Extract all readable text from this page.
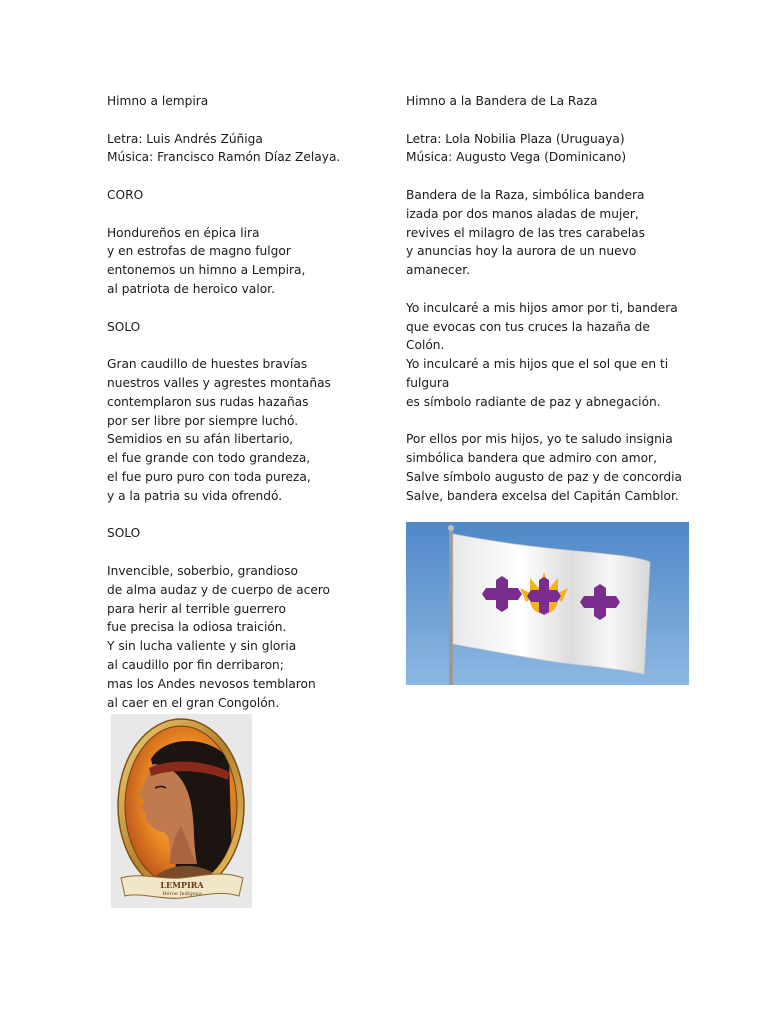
Himno a lempira
Letra: Luis Andrés Zúñiga
Música: Francisco Ramón Díaz Zelaya.
CORO
Hondureños en épica lira
y en estrofas de magno fulgor
entonemos un himno a Lempira,
al patriota de heroico valor.
SOLO
Gran caudillo de huestes bravías
nuestros valles y agrestes montañas
contemplaron sus rudas hazañas
por ser libre por siempre luchó.
Semidios en su afán libertario,
el fue grande con todo grandeza,
el fue puro puro con toda pureza,
y a la patria su vida ofrendó.
SOLO
Invencible, soberbio, grandioso
de alma audaz y de cuerpo de acero
para herir al terrible guerrero
fue precisa la odiosa traición.
Y sin lucha valiente y sin gloria
al caudillo por fin derribaron;
mas los Andes nevosos temblaron
al caer en el gran Congolón.
Himno a la Bandera de La Raza
Letra: Lola Nobilia Plaza (Uruguaya)
Música: Augusto Vega (Dominicano)
Bandera de la Raza, simbólica bandera
izada por dos manos aladas de mujer,
revives el milagro de las tres carabelas
y anuncias hoy la aurora de un nuevo
amanecer.
Yo inculcaré a mis hijos amor por ti, bandera
que evocas con tus cruces la hazaña de
Colón.
Yo inculcaré a mis hijos que el sol que en ti
fulgura
es símbolo radiante de paz y abnegación.
Por ellos por mis hijos, yo te saludo insignia
simbólica bandera que admiro con amor,
Salve símbolo augusto de paz y de concordia
Salve, bandera excelsa del Capitán Camblor.
LEMPIRA
Héroe Indígena
